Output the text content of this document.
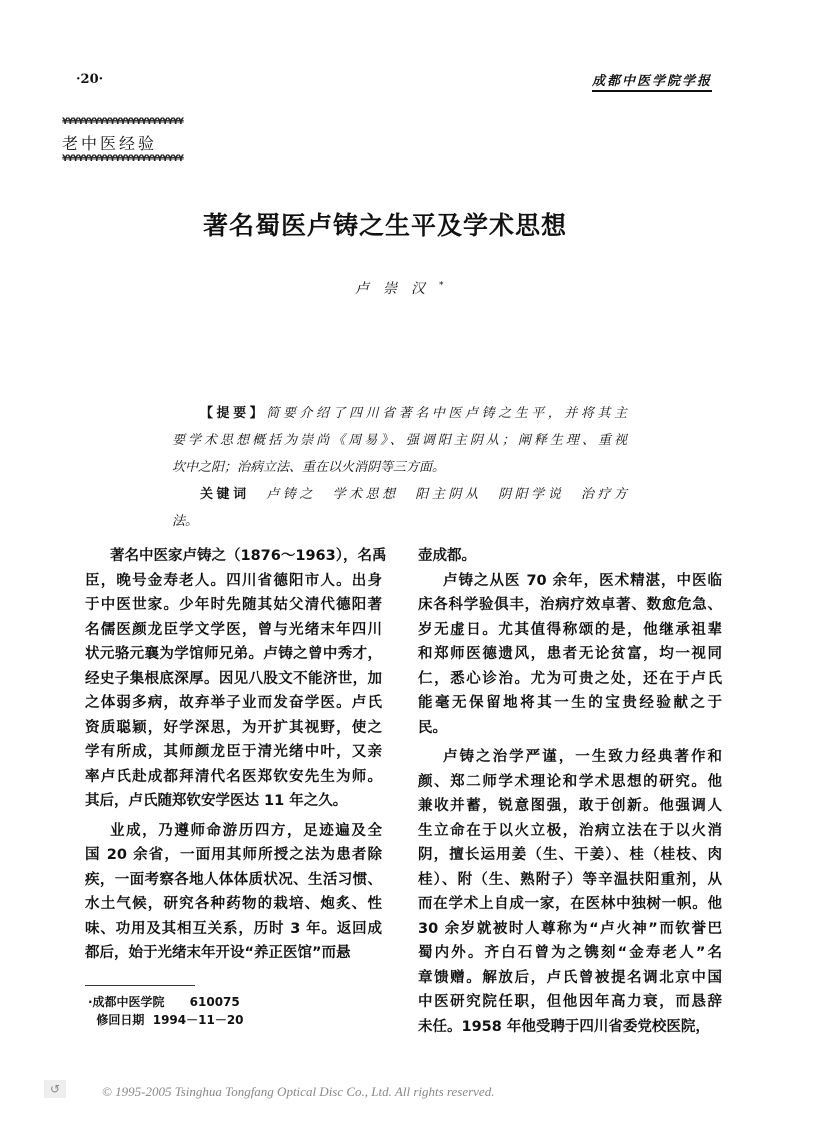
·20·	成都中医学院学报
¥¥¥¥¥¥¥¥¥¥¥¥¥¥¥¥¥¥¥¥¥¥¥
老中医经验
¥¥¥¥¥¥¥¥¥¥¥¥¥¥¥¥¥¥¥¥¥¥¥
著名蜀医卢铸之生平及学术思想
卢崇汉*
【提要】简要介绍了四川省著名中医卢铸之生平，并将其主
要学术思想概括为崇尚《周易》、强调阳主阴从；阐释生理、重视
坎中之阳；治病立法、重在以火消阴等三方面。
关键词　 卢铸之　学术思想　阳主阴从　阴阳学说　治疗方
法。
著名中医家卢铸之（1876～1963），名禹
臣，晚号金寿老人。四川省德阳市人。出身
于中医世家。少年时先随其姑父清代德阳著
名儒医颜龙臣学文学医，曾与光绪末年四川
状元骆元襄为学馆师兄弟。卢铸之曾中秀才，
经史子集根底深厚。因见八股文不能济世，加
之体弱多病，故弃举子业而发奋学医。卢氏
资质聪颖，好学深思，为开扩其视野，使之
学有所成，其师颜龙臣于清光绪中叶，又亲
率卢氏赴成都拜清代名医郑钦安先生为师。
其后，卢氏随郑钦安学医达 11 年之久。
业成，乃遵师命游历四方，足迹遍及全
国 20 余省，一面用其师所授之法为患者除
疾，一面考察各地人体体质状况、生活习惯、
水土气候，研究各种药物的栽培、炮炙、性
味、功用及其相互关系，历时 3 年。返回成
都后，始于光绪末年开设“养正医馆”而悬
壶成都。
卢铸之从医 70 余年，医术精湛，中医临
床各科学验俱丰，治病疗效卓著、数愈危急、
岁无虚日。尤其值得称颂的是，他继承祖辈
和郑师医德遗风，患者无论贫富，均一视同
仁，悉心诊治。尤为可贵之处，还在于卢氏
能毫无保留地将其一生的宝贵经验献之于
民。
卢铸之治学严谨，一生致力经典著作和
颜、郑二师学术理论和学术思想的研究。他
兼收并蓄，锐意图强，敢于创新。他强调人
生立命在于以火立极，治病立法在于以火消
阴，擅长运用姜（生、干姜）、桂（桂枝、肉
桂）、附（生、熟附子）等辛温扶阳重剂，从
而在学术上自成一家，在医林中独树一帜。他
30 余岁就被时人尊称为“卢火神”而钦誉巴
蜀内外。齐白石曾为之镌刻“金寿老人”名
章馈赠。解放后，卢氏曾被提名调北京中国
中医研究院任职，但他因年高力衰，而恳辞
未任。1958 年他受聘于四川省委党校医院，
·成都中医学院 610075
修回日期 1994－11－20
↺	© 1995-2005 Tsinghua Tongfang Optical Disc Co., Ltd. All rights reserved.
